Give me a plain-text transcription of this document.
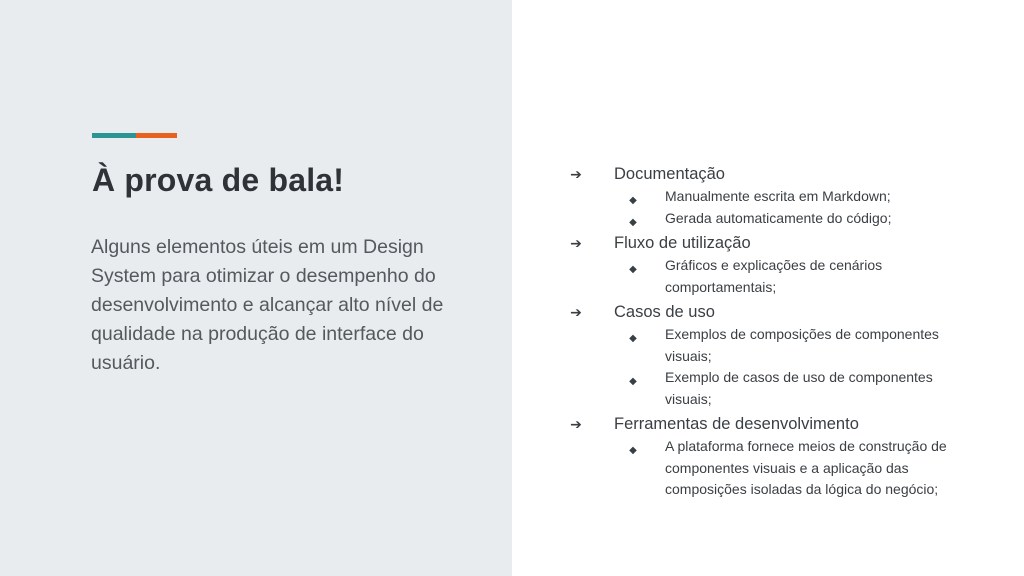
À prova de bala!

Alguns elementos úteis em um Design System para otimizar o desempenho do desenvolvimento e alcançar alto nível de qualidade na produção de interface do usuário.

➔ Documentação
◆ Manualmente escrita em Markdown;
◆ Gerada automaticamente do código;
➔ Fluxo de utilização
◆ Gráficos e explicações de cenários comportamentais;
➔ Casos de uso
◆ Exemplos de composições de componentes visuais;
◆ Exemplo de casos de uso de componentes visuais;
➔ Ferramentas de desenvolvimento
◆ A plataforma fornece meios de construção de componentes visuais e a aplicação das composições isoladas da lógica do negócio;
